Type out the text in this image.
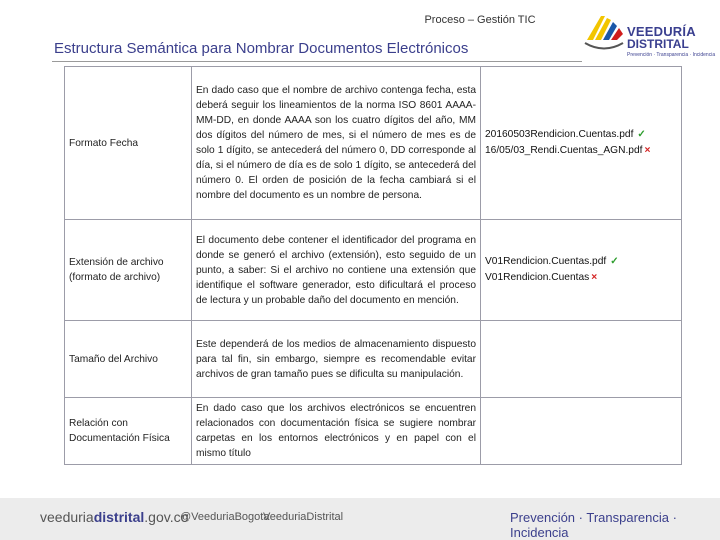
Proceso – Gestión TIC
VEEDURÍA
DISTRITAL
Prevención · Transparencia · Incidencia
Estructura Semántica para Nombrar Documentos Electrónicos
Formato Fecha	En dado caso que el nombre de archivo contenga fecha, esta deberá seguir los lineamientos de la norma ISO 8601 AAAA-MM-DD, en donde AAAA son los cuatro dígitos del año, MM dos dígitos del número de mes, si el número de mes es de solo 1 dígito, se antecederá del número 0, DD corresponde al día, si el número de día es de solo 1 dígito, se antecederá del número 0. El orden de posición de la fecha cambiará si el nombre del documento es un nombre de persona.	20160503Rendicion.Cuentas.pdf ✓
16/05/03_Rendi.Cuentas_AGN.pdf ×

Extensión de archivo (formato de archivo)	El documento debe contener el identificador del programa en donde se generó el archivo (extensión), esto seguido de un punto, a saber: Si el archivo no contiene una extensión que identifique el software generador, esto dificultará el proceso de lectura y un probable daño del documento en mención.	V01Rendicion.Cuentas.pdf ✓
V01Rendicion.Cuentas ×

Tamaño del Archivo	Este dependerá de los medios de almacenamiento dispuesto para tal fin, sin embargo, siempre es recomendable evitar archivos de gran tamaño pues se dificulta su manipulación.	
Relación con Documentación Física	En dado caso que los archivos electrónicos se encuentren relacionados con documentación física se sugiere nombrar carpetas en los entornos electrónicos y en papel con el mismo título	
veeduriadistrital.gov.co
@VeeduriaBogota
VeeduriaDistrital	Prevención · Transparencia · Incidencia
